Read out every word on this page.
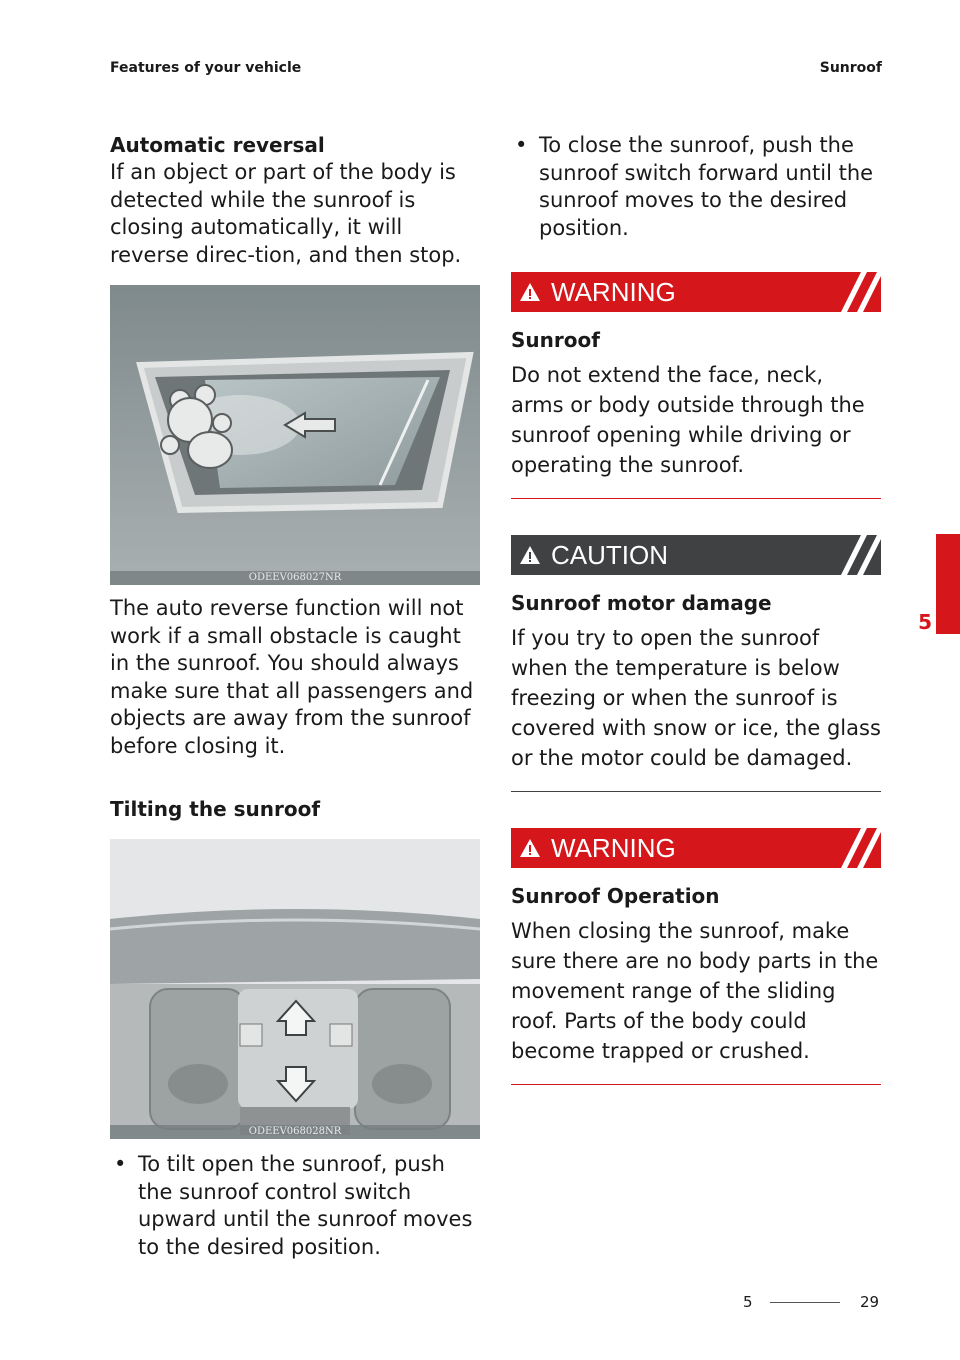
Features of your vehicle	Sunroof

Automatic reversal

If an object or part of the body is detected while the sunroof is closing automatically, it will reverse direc-tion, and then stop.

ODEEV068027NR

The auto reverse function will not work if a small obstacle is caught in the sunroof. You should always make sure that all passengers and objects are away from the sunroof before closing it.

Tilting the sunroof

ODEEV068028NR
• To tilt open the sunroof, push the sunroof control switch upward until the sunroof moves to the desired position.
• To close the sunroof, push the sunroof switch forward until the sunroof moves to the desired position.
WARNING
Sunroof

Do not extend the face, neck, arms or body outside through the sunroof opening while driving or operating the sunroof.

CAUTION
Sunroof motor damage

If you try to open the sunroof when the temperature is below freezing or when the sunroof is covered with snow or ice, the glass or the motor could be damaged.

WARNING
Sunroof Operation

When closing the sunroof, make sure there are no body parts in the movement range of the sliding roof. Parts of the body could become trapped or crushed.

5
5	29
